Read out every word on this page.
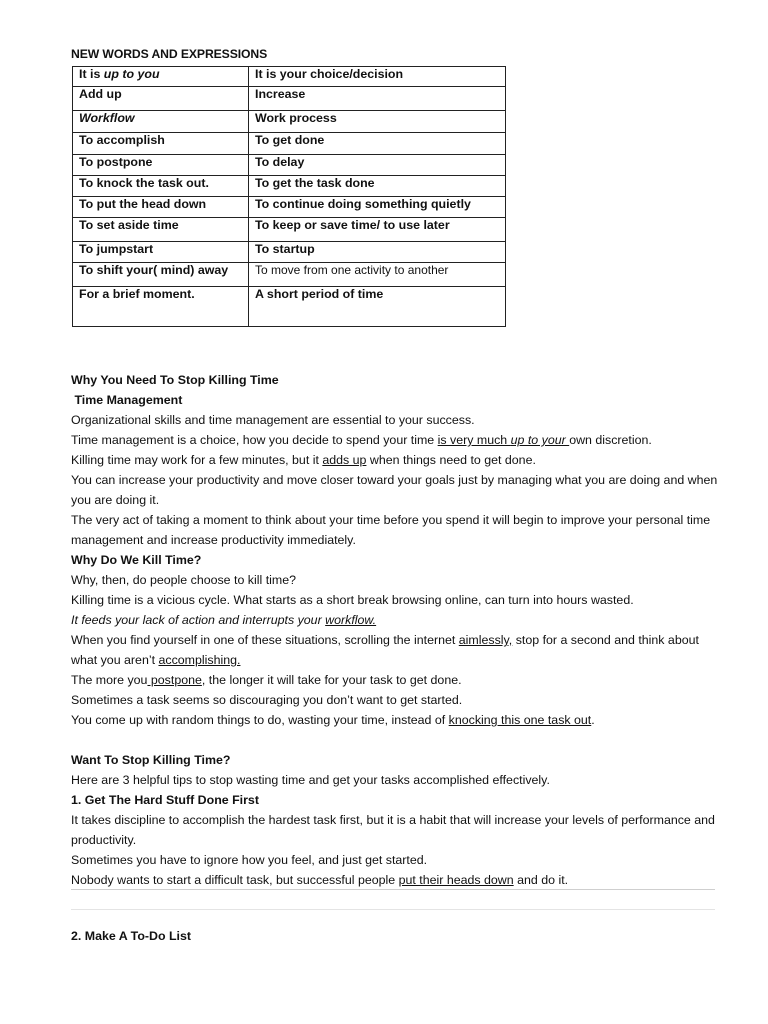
NEW WORDS AND EXPRESSIONS
It is up to you	It is your choice/decision
Add up	Increase
Workflow	Work process
To accomplish	To get done
To postpone	To delay
To knock the task out.	To get the task done
To put the head down	To continue doing something quietly
To set aside time	To keep or save time/ to use later
To jumpstart	To startup
To shift your( mind) away	To move from one activity to another
For a brief moment.	A short period of time

Why You Need To Stop Killing Time

Time Management

Organizational skills and time management are essential to your success.

Time management is a choice, how you decide to spend your time is very much up to your own discretion.

Killing time may work for a few minutes, but it adds up when things need to get done.

You can increase your productivity and move closer toward your goals just by managing what you are doing and when you are doing it.

The very act of taking a moment to think about your time before you spend it will begin to improve your personal time management and increase productivity immediately.

Why Do We Kill Time?

Why, then, do people choose to kill time?

Killing time is a vicious cycle. What starts as a short break browsing online, can turn into hours wasted.

It feeds your lack of action and interrupts your workflow.

When you find yourself in one of these situations, scrolling the internet aimlessly, stop for a second and think about what you aren’t accomplishing.

The more you postpone, the longer it will take for your task to get done.

Sometimes a task seems so discouraging you don’t want to get started.

You come up with random things to do, wasting your time, instead of knocking this one task out.

Want To Stop Killing Time?

Here are 3 helpful tips to stop wasting time and get your tasks accomplished effectively.

1. Get The Hard Stuff Done First

It takes discipline to accomplish the hardest task first, but it is a habit that will increase your levels of performance and productivity.

Sometimes you have to ignore how you feel, and just get started.

Nobody wants to start a difficult task, but successful people put their heads down and do it.

2. Make A To-Do List
